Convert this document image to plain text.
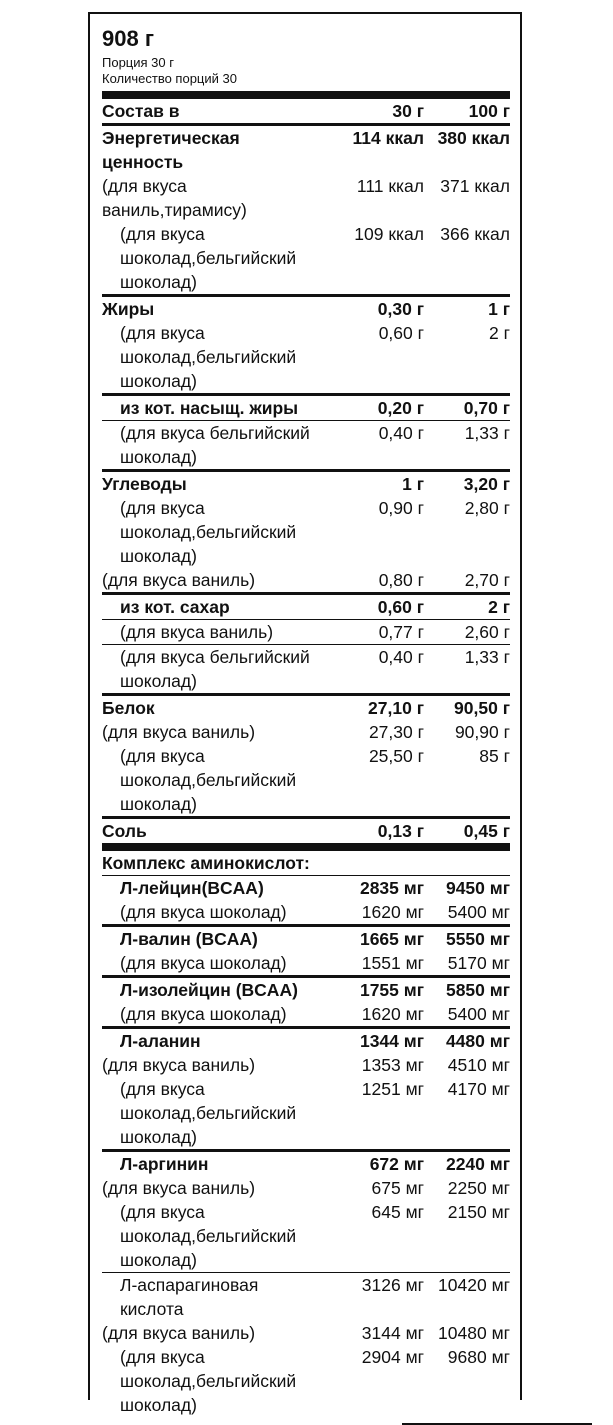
908 г
Порция 30 г
Количество порций 30
Состав в	30 г	100 г
Энергетическая
ценность
114 ккал 380 ккал
(для вкуса
ваниль,тирамису)
111 ккал 371 ккал
(для вкуса
шоколад,бельгийский
шоколад)
109 ккал 366 ккал
Жиры	0,30 г	1 г
(для вкуса
шоколад,бельгийский
шоколад)
0,60 г	2 г
из кот. насыщ. жиры	0,20 г	0,70 г
(для вкуса бельгийский
шоколад)
0,40 г	1,33 г
Углеводы	1 г	3,20 г
(для вкуса
шоколад,бельгийский
шоколад)
0,90 г	2,80 г
(для вкуса ваниль)	0,80 г	2,70 г
из кот. сахар	0,60 г	2 г
(для вкуса ваниль)	0,77 г	2,60 г
(для вкуса бельгийский
шоколад)
0,40 г	1,33 г
Белок	27,10 г	90,50 г
(для вкуса ваниль)	27,30 г	90,90 г
(для вкуса
шоколад,бельгийский
шоколад)
25,50 г	85 г
Соль	0,13 г	0,45 г
Комплекс аминокислот:
Л-лейцин(BCAA)	2835 мг	9450 мг
(для вкуса шоколад)	1620 мг	5400 мг
Л-валин (BCAA)	1665 мг	5550 мг
(для вкуса шоколад)	1551 мг	5170 мг
Л-изолейцин (BCAA)	1755 мг	5850 мг
(для вкуса шоколад)	1620 мг	5400 мг
Л-аланин	1344 мг	4480 мг
(для вкуса ваниль)	1353 мг	4510 мг
(для вкуса
шоколад,бельгийский
шоколад)
1251 мг	4170 мг
Л-аргинин	672 мг	2240 мг
(для вкуса ваниль)	675 мг	2250 мг
(для вкуса
шоколад,бельгийский
шоколад)
645 мг	2150 мг
Л-аспарагиновая
кислота
3126 мг 10420 мг
(для вкуса ваниль)	3144 мг 10480 мг
(для вкуса
шоколад,бельгийский
шоколад)
2904 мг	9680 мг
